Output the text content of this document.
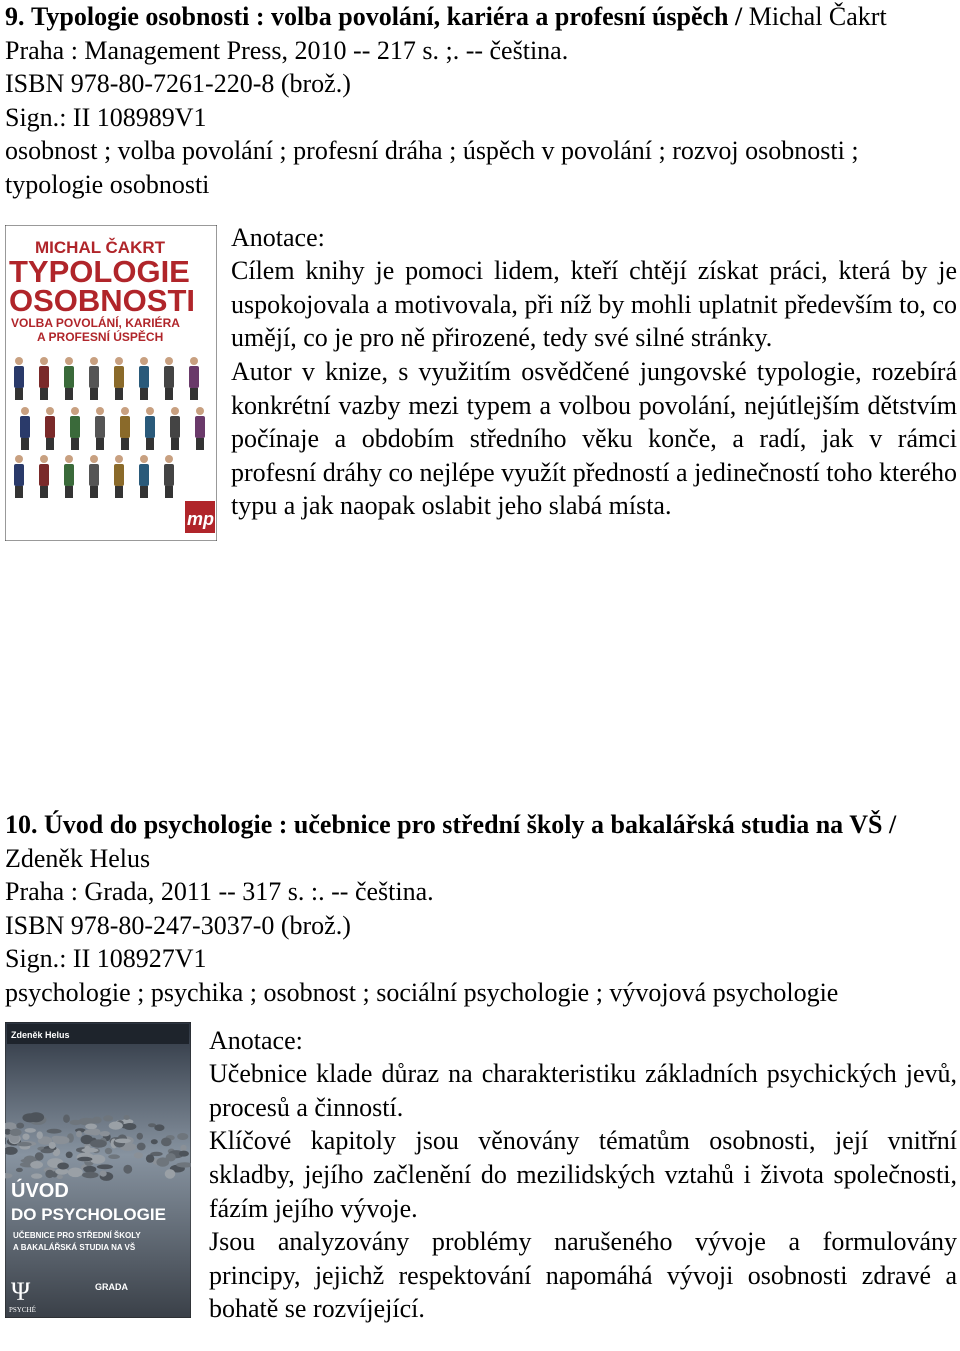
9. Typologie osobnosti : volba povolání, kariéra a profesní úspěch / Michal Čakrt
Praha : Management Press, 2010 -- 217 s. ;. -- čeština.
ISBN 978-80-7261-220-8 (brož.)
Sign.: II 108989V1
osobnost ; volba povolání ; profesní dráha ; úspěch v povolání ; rozvoj osobnosti ; typologie osobnosti
MICHAL ČAKRT
TYPOLOGIE
OSOBNOSTI
VOLBA POVOLÁNÍ, KARIÉRA
A PROFESNÍ ÚSPĚCH
mp
Anotace:

Cílem knihy je pomoci lidem, kteří chtějí získat práci, která by je uspokojovala a motivovala, při níž by mohli uplatnit především to, co umějí, co je pro ně přirozené, tedy své silné stránky.

Autor v knize, s využitím osvědčené jungovské typologie, rozebírá konkrétní vazby mezi typem a volbou povolání, nejútlejším dětstvím počínaje a obdobím středního věku konče, a radí, jak v rámci profesní dráhy co nejlépe využít předností a jedinečností toho kterého typu a jak naopak oslabit jeho slabá místa.

10. Úvod do psychologie : učebnice pro střední školy a bakalářská studia na VŠ / Zdeněk Helus
Praha : Grada, 2011 -- 317 s. :. -- čeština.
ISBN 978-80-247-3037-0 (brož.)
Sign.: II 108927V1
psychologie ; psychika ; osobnost ; sociální psychologie ; vývojová psychologie
Zdeněk Helus
ÚVOD
DO PSYCHOLOGIE
UČEBNICE PRO STŘEDNÍ ŠKOLY
A BAKALÁŘSKÁ STUDIA NA VŠ
PSYCHÉ
Ψ	GRADA
Anotace:

Učebnice klade důraz na charakteristiku základních psychických jevů, procesů a činností.

Klíčové kapitoly jsou věnovány tématům osobnosti, její vnitřní skladby, jejího začlenění do mezilidských vztahů i života společnosti, fázím jejího vývoje.

Jsou analyzovány problémy narušeného vývoje a formulovány principy, jejichž respektování napomáhá vývoji osobnosti zdravé a bohatě se rozvíjející.
